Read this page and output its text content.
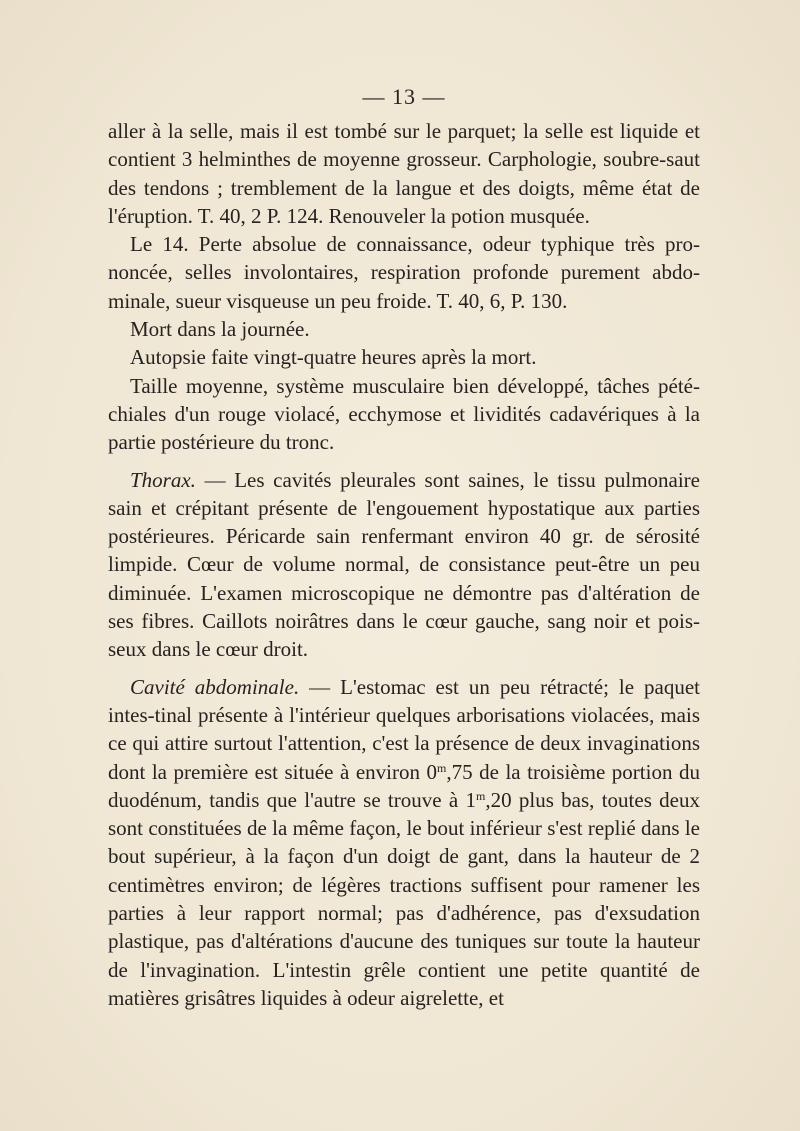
— 13 —

aller à la selle, mais il est tombé sur le parquet; la selle est liquide et contient 3 helminthes de moyenne grosseur. Carphologie, soubre-saut des tendons ; tremblement de la langue et des doigts, même état de l'éruption. T. 40, 2 P. 124. Renouveler la potion musquée.

Le 14. Perte absolue de connaissance, odeur typhique très pro-noncée, selles involontaires, respiration profonde purement abdo-minale, sueur visqueuse un peu froide. T. 40, 6, P. 130.

Mort dans la journée.

Autopsie faite vingt-quatre heures après la mort.

Taille moyenne, système musculaire bien développé, tâches pété-chiales d'un rouge violacé, ecchymose et lividités cadavériques à la partie postérieure du tronc.

Thorax. — Les cavités pleurales sont saines, le tissu pulmonaire sain et crépitant présente de l'engouement hypostatique aux parties postérieures. Péricarde sain renfermant environ 40 gr. de sérosité limpide. Cœur de volume normal, de consistance peut-être un peu diminuée. L'examen microscopique ne démontre pas d'altération de ses fibres. Caillots noirâtres dans le cœur gauche, sang noir et pois-seux dans le cœur droit.

Cavité abdominale. — L'estomac est un peu rétracté; le paquet intes-tinal présente à l'intérieur quelques arborisations violacées, mais ce qui attire surtout l'attention, c'est la présence de deux invaginations dont la première est située à environ 0$^m$,75 de la troisième portion du duodénum, tandis que l'autre se trouve à 1$^m$,20 plus bas, toutes deux sont constituées de la même façon, le bout inférieur s'est replié dans le bout supérieur, à la façon d'un doigt de gant, dans la hauteur de 2 centimètres environ; de légères tractions suffisent pour ramener les parties à leur rapport normal; pas d'adhérence, pas d'exsudation plastique, pas d'altérations d'aucune des tuniques sur toute la hauteur de l'invagination. L'intestin grêle contient une petite quantité de matières grisâtres liquides à odeur aigrelette, et
